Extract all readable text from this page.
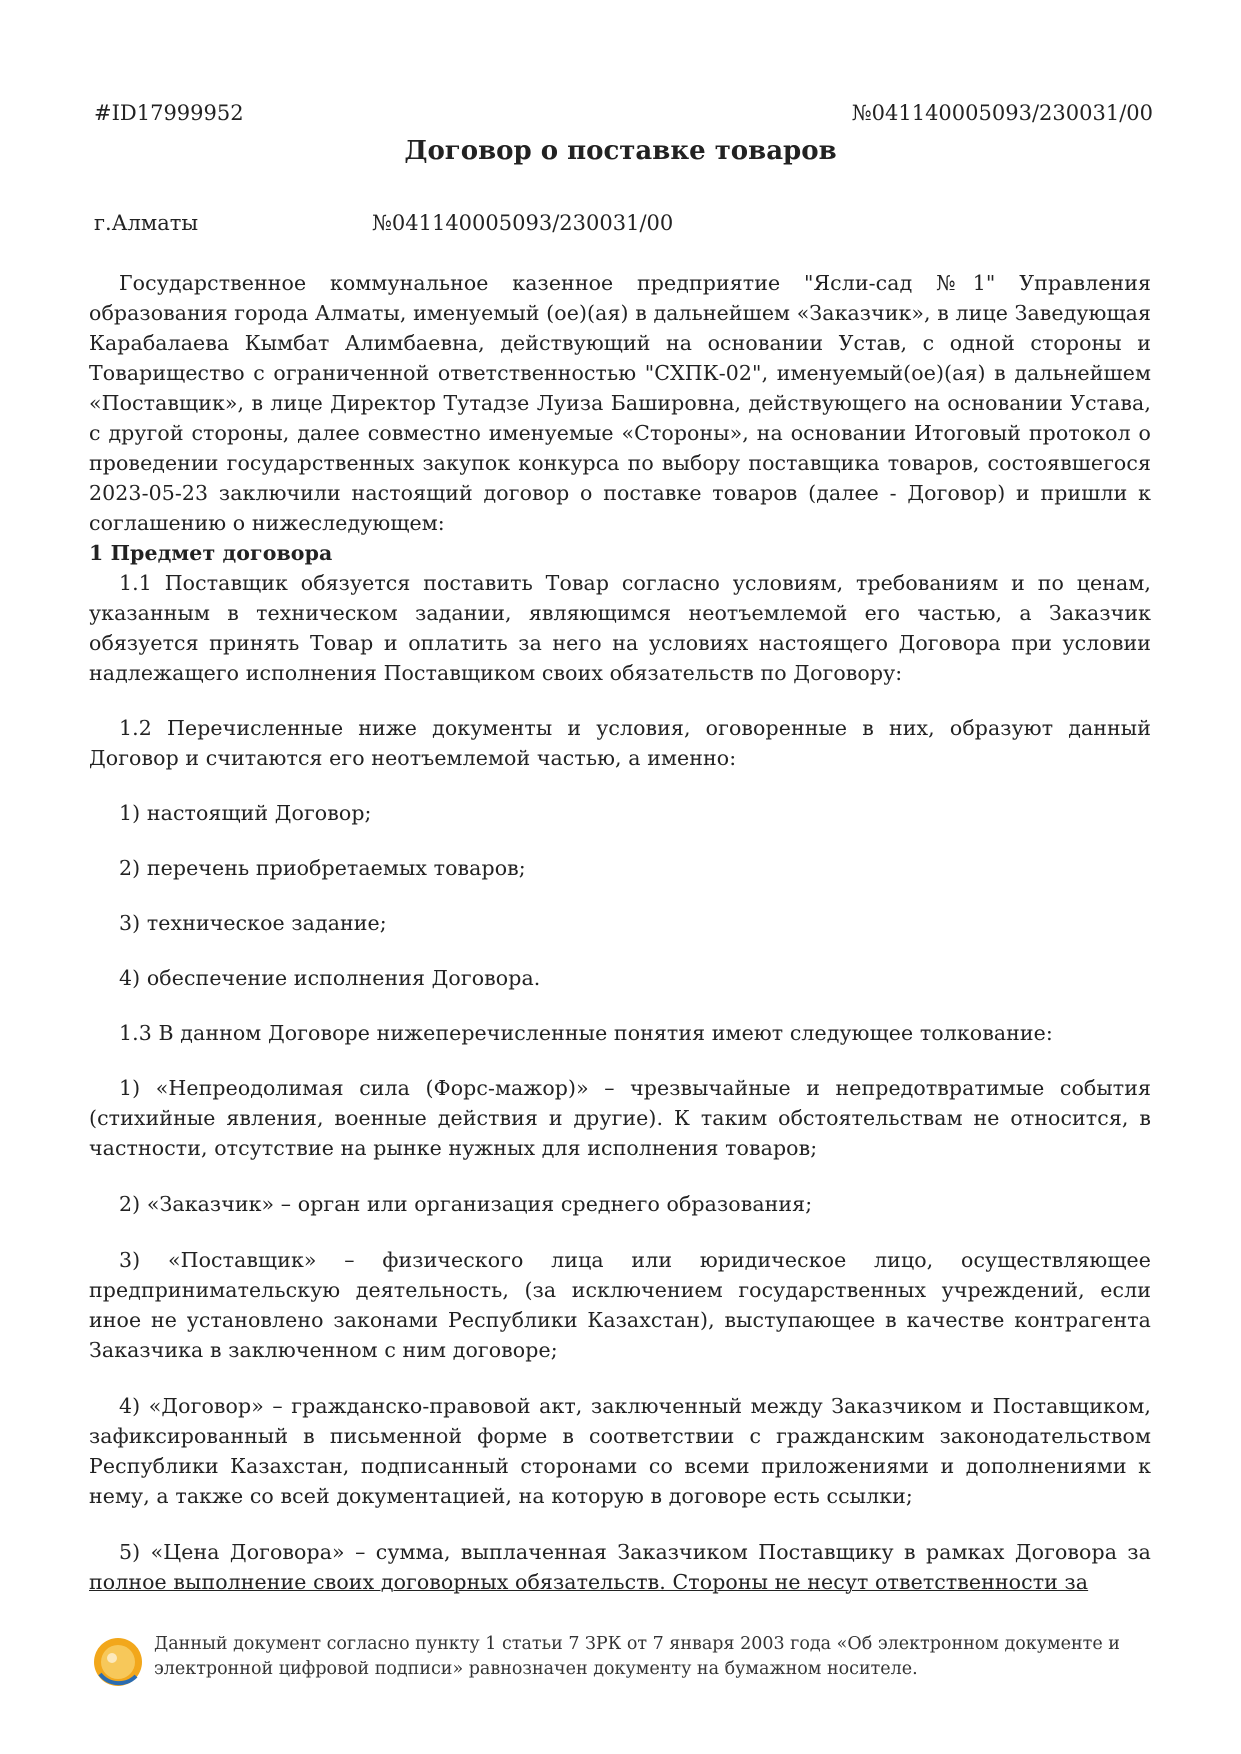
#ID17999952	№041140005093/230031/00
Договор о поставке товаров
г.Алматы	№041140005093/230031/00

Государственное коммунальное казенное предприятие "Ясли-сад №1" Управления образования города Алматы, именуемый (ое)(ая) в дальнейшем «Заказчик», в лице Заведующая Карабалаева Кымбат Алимбаевна, действующий на основании Устав, с одной стороны и Товарищество с ограниченной ответственностью "СХПК-02", именуемый(ое)(ая) в дальнейшем «Поставщик», в лице Директор Тутадзе Луиза Башировна, действующего на основании Устава, с другой стороны, далее совместно именуемые «Стороны», на основании Итоговый протокол о проведении государственных закупок конкурса по выбору поставщика товаров, состоявшегося 2023-05-23 заключили настоящий договор о поставке товаров (далее - Договор) и пришли к соглашению о нижеследующем:

1 Предмет договора

1.1 Поставщик обязуется поставить Товар согласно условиям, требованиям и по ценам, указанным в техническом задании, являющимся неотъемлемой его частью, а Заказчик обязуется принять Товар и оплатить за него на условиях настоящего Договора при условии надлежащего исполнения Поставщиком своих обязательств по Договору:

1.2 Перечисленные ниже документы и условия, оговоренные в них, образуют данный Договор и считаются его неотъемлемой частью, а именно:

1) настоящий Договор;

2) перечень приобретаемых товаров;

3) техническое задание;

4) обеспечение исполнения Договора.

1.3 В данном Договоре нижеперечисленные понятия имеют следующее толкование:

1) «Непреодолимая сила (Форс-мажор)» – чрезвычайные и непредотвратимые события (стихийные явления, военные действия и другие). К таким обстоятельствам не относится, в частности, отсутствие на рынке нужных для исполнения товаров;

2) «Заказчик» – орган или организация среднего образования;

3) «Поставщик» – физического лица или юридическое лицо, осуществляющее предпринимательскую деятельность, (за исключением государственных учреждений, если иное не установлено законами Республики Казахстан), выступающее в качестве контрагента Заказчика в заключенном с ним договоре;

4) «Договор» – гражданско-правовой акт, заключенный между Заказчиком и Поставщиком, зафиксированный в письменной форме в соответствии с гражданским законодательством Республики Казахстан, подписанный сторонами со всеми приложениями и дополнениями к нему, а также со всей документацией, на которую в договоре есть ссылки;

5) «Цена Договора» – сумма, выплаченная Заказчиком Поставщику в рамках Договора за полное выполнение своих договорных обязательств. Стороны не несут ответственности за

Данный документ согласно пункту 1 статьи 7 ЗРК от 7 января 2003 года «Об электронном документе и электронной цифровой подписи» равнозначен документу на бумажном носителе.
